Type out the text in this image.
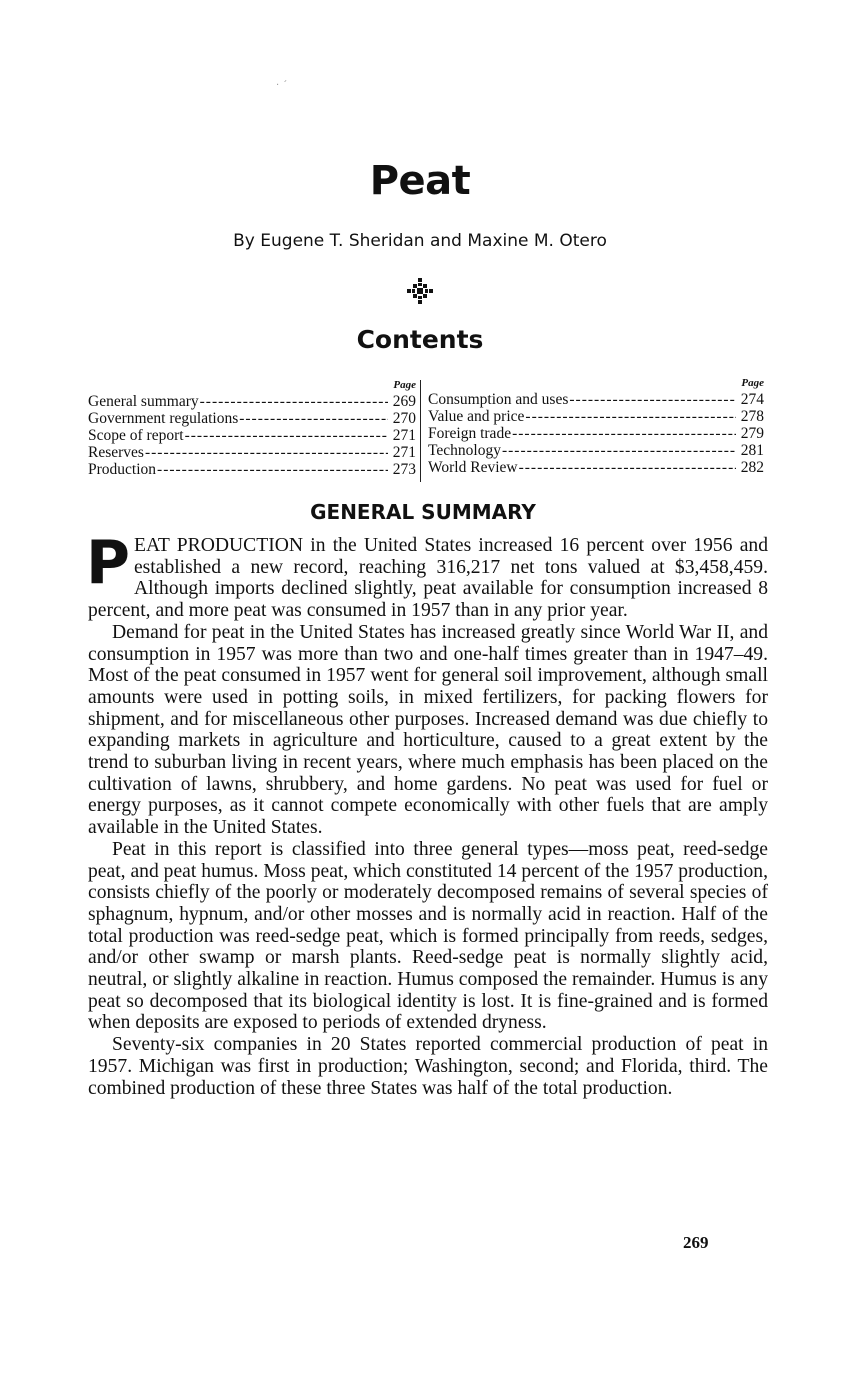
· ˊ
Peat
By Eugene T. Sheridan and Maxine M. Otero
Contents
Page
General summary -----	269
Government regulations -----	270
Scope of report -----	271
Reserves -----	271
Production -----	273
Page
Consumption and uses -----	274
Value and price -----	278
Foreign trade -----	279
Technology -----	281
World Review -----	282
GENERAL SUMMARY

PEAT PRODUCTION in the United States increased 16 percent over 1956 and established a new record, reaching 316,217 net tons valued at $3,458,459. Although imports declined slightly, peat available for consumption increased 8 percent, and more peat was consumed in 1957 than in any prior year.

Demand for peat in the United States has increased greatly since World War II, and consumption in 1957 was more than two and one-half times greater than in 1947–49. Most of the peat consumed in 1957 went for general soil improvement, although small amounts were used in potting soils, in mixed fertilizers, for packing flowers for shipment, and for miscellaneous other purposes. Increased demand was due chiefly to expanding markets in agriculture and horticulture, caused to a great extent by the trend to suburban living in recent years, where much emphasis has been placed on the cultivation of lawns, shrubbery, and home gardens. No peat was used for fuel or energy purposes, as it cannot compete economically with other fuels that are amply available in the United States.

Peat in this report is classified into three general types—moss peat, reed-sedge peat, and peat humus. Moss peat, which constituted 14 percent of the 1957 production, consists chiefly of the poorly or moderately decomposed remains of several species of sphagnum, hypnum, and/or other mosses and is normally acid in reaction. Half of the total production was reed-sedge peat, which is formed principally from reeds, sedges, and/or other swamp or marsh plants. Reed-sedge peat is normally slightly acid, neutral, or slightly alkaline in reaction. Humus composed the remainder. Humus is any peat so decomposed that its biological identity is lost. It is fine-grained and is formed when deposits are exposed to periods of extended dryness.

Seventy-six companies in 20 States reported commercial production of peat in 1957. Michigan was first in production; Washington, second; and Florida, third. The combined production of these three States was half of the total production.

269
